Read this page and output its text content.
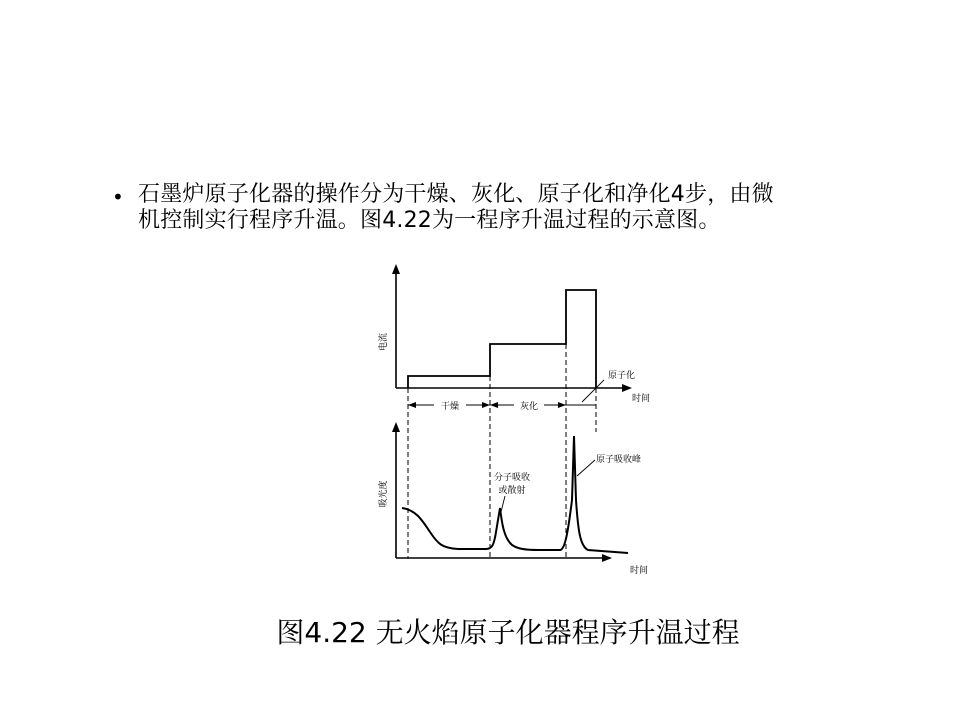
• 石墨炉原子化器的操作分为干燥、灰化、原子化和净化4步，由微
机控制实行程序升温。图4.22为一程序升温过程的示意图。
电流
时间
干燥	灰化
原子化
吸光度
时间
分子吸收
或散射
原子吸收峰
图4.22 无火焰原子化器程序升温过程
